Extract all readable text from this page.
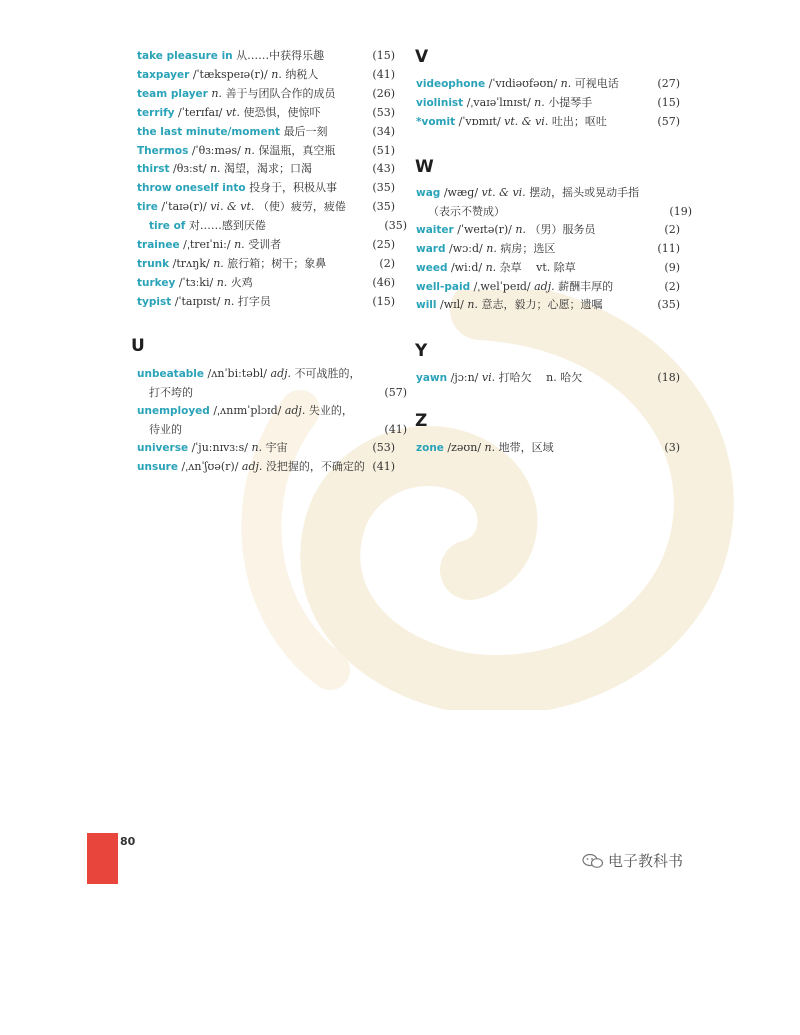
take pleasure in 从……中获得乐趣	(15)
taxpayer /ˈtækspeɪə(r)/ n. 纳税人	(41)
team player n. 善于与团队合作的成员	(26)
terrify /ˈterɪfaɪ/ vt. 使恐惧，使惊吓	(53)
the last minute/moment 最后一刻	(34)
Thermos /ˈθɜːməs/ n. 保温瓶，真空瓶	(51)
thirst /θɜːst/ n. 渴望，渴求；口渴	(43)
throw oneself into 投身于，积极从事	(35)
tire /ˈtaɪə(r)/ vi. & vt. （使）疲劳，疲倦 (35)
tire of 对……感到厌倦	(35)
trainee /ˌtreɪˈniː/ n. 受训者	(25)
trunk /trʌŋk/ n. 旅行箱；树干；象鼻	(2)
turkey /ˈtɜːki/ n. 火鸡	(46)
typist /ˈtaɪpɪst/ n. 打字员	(15)
U
unbeatable /ʌnˈbiːtəbl/ adj. 不可战胜的，
打不垮的	(57)
unemployed /ˌʌnɪmˈplɔɪd/ adj. 失业的，
待业的	(41)
universe /ˈjuːnɪvɜːs/ n. 宇宙	(53)
unsure /ˌʌnˈʃʊə(r)/ adj. 没把握的，不确定的 (41)
V
videophone /ˈvɪdiəʊfəʊn/ n. 可视电话	(27)
violinist /ˌvaɪəˈlɪnɪst/ n. 小提琴手	(15)
*vomit /ˈvɒmɪt/ vt. & vi. 吐出；呕吐	(57)
W
wag /wæɡ/ vt. & vi. 摆动，摇头或晃动手指
（表示不赞成）	(19)
waiter /ˈweɪtə(r)/ n. （男）服务员	(2)
ward /wɔːd/ n. 病房；选区	(11)
weed /wiːd/ n. 杂草　 vt. 除草	(9)
well-paid /ˌwelˈpeɪd/ adj. 薪酬丰厚的	(2)
will /wɪl/ n. 意志，毅力；心愿；遗嘱	(35)
Y
yawn /jɔːn/ vi. 打哈欠　 n. 哈欠	(18)
Z
zone /zəʊn/ n. 地带，区域	(3)
80
电子教科书
